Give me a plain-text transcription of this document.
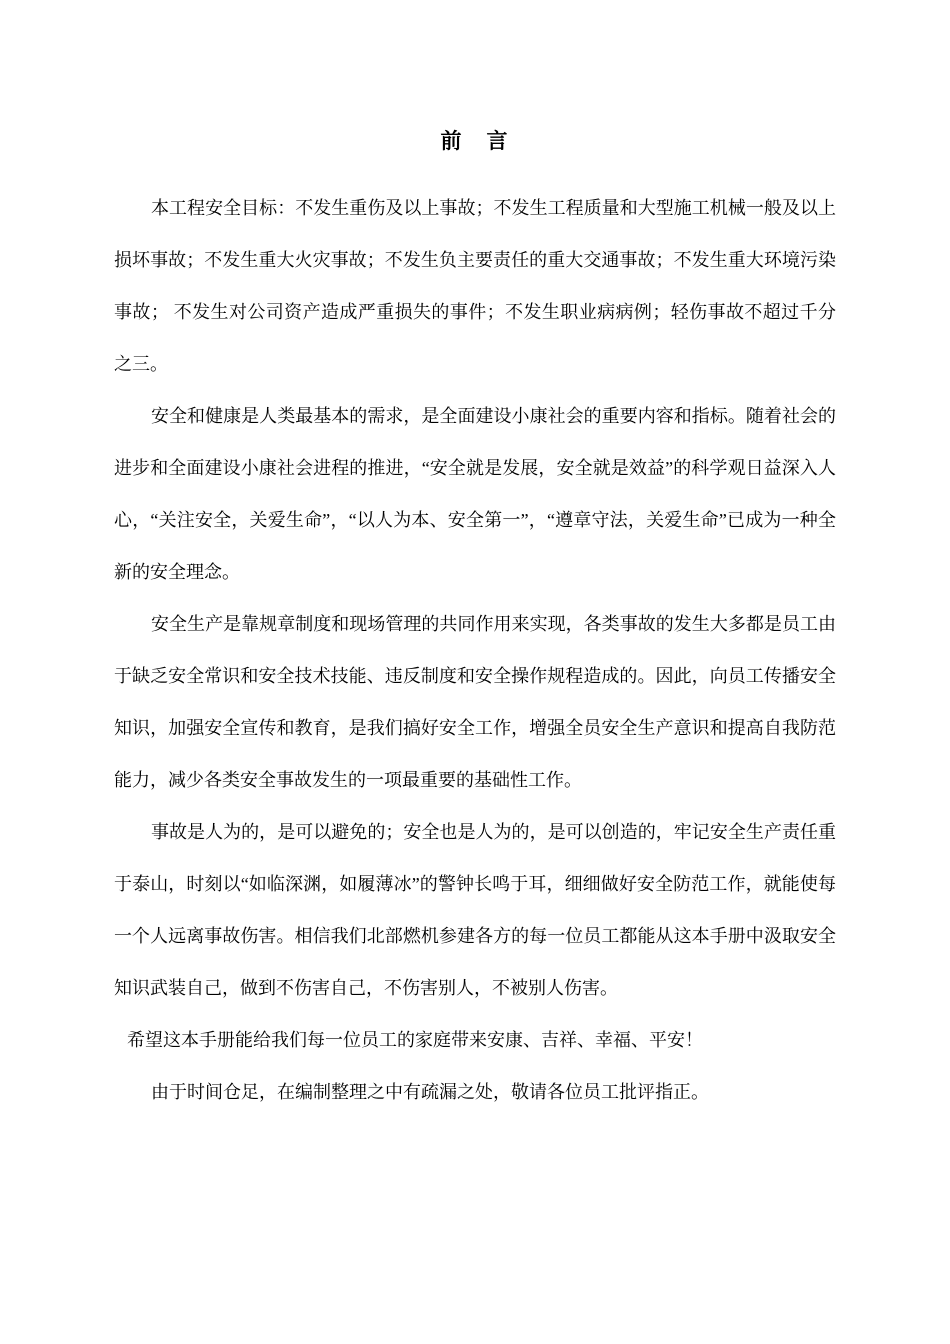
前　言

本工程安全目标：不发生重伤及以上事故；不发生工程质量和大型施工机械一般及以上损坏事故；不发生重大火灾事故；不发生负主要责任的重大交通事故；不发生重大环境污染事故； 不发生对公司资产造成严重损失的事件；不发生职业病病例；轻伤事故不超过千分之三。

安全和健康是人类最基本的需求，是全面建设小康社会的重要内容和指标。随着社会的进步和全面建设小康社会进程的推进，“安全就是发展，安全就是效益”的科学观日益深入人心，“关注安全，关爱生命”，“以人为本、安全第一”，“遵章守法，关爱生命”已成为一种全新的安全理念。

安全生产是靠规章制度和现场管理的共同作用来实现，各类事故的发生大多都是员工由于缺乏安全常识和安全技术技能、违反制度和安全操作规程造成的。因此，向员工传播安全知识，加强安全宣传和教育，是我们搞好安全工作，增强全员安全生产意识和提高自我防范能力，减少各类安全事故发生的一项最重要的基础性工作。

事故是人为的，是可以避免的；安全也是人为的，是可以创造的，牢记安全生产责任重于泰山，时刻以“如临深渊，如履薄冰”的警钟长鸣于耳，细细做好安全防范工作，就能使每一个人远离事故伤害。相信我们北部燃机参建各方的每一位员工都能从这本手册中汲取安全知识武装自己，做到不伤害自己，不伤害别人，不被别人伤害。

希望这本手册能给我们每一位员工的家庭带来安康、吉祥、幸福、平安！

由于时间仓足，在编制整理之中有疏漏之处，敬请各位员工批评指正。
